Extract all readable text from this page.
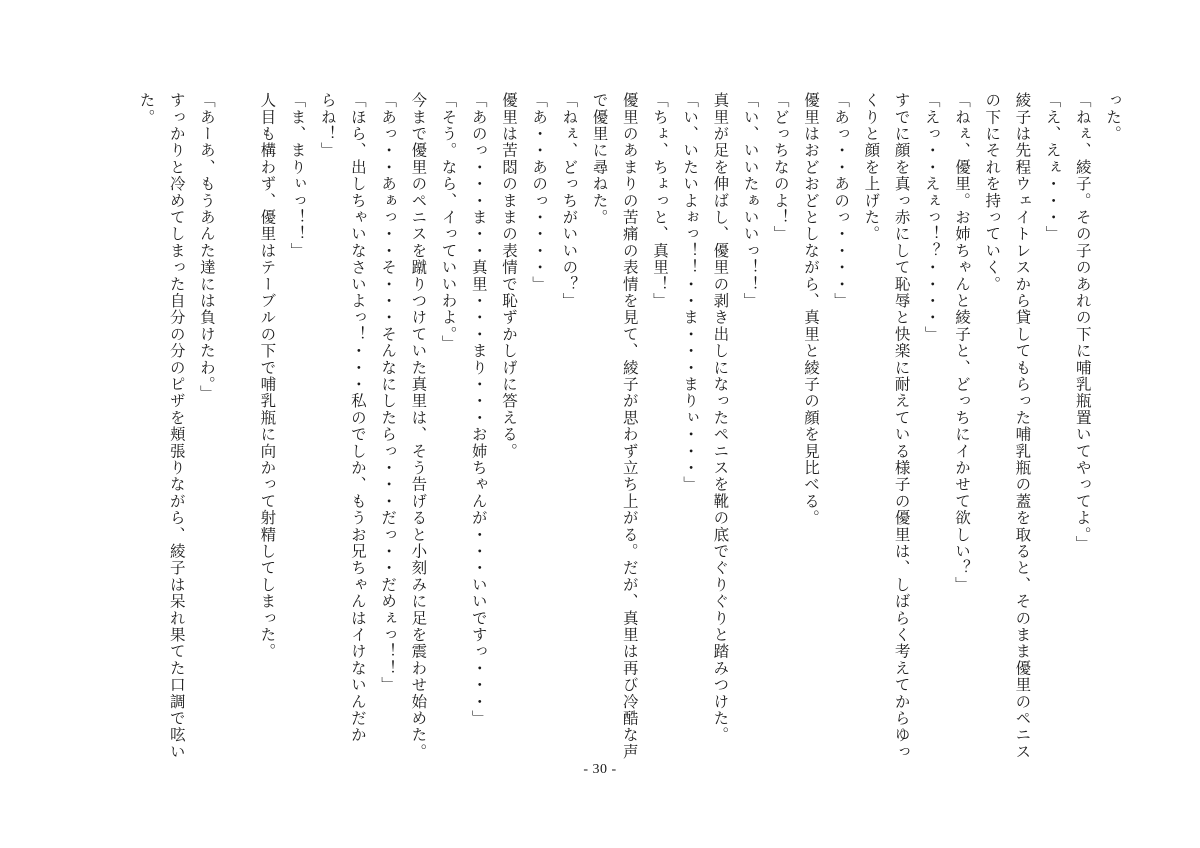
った。
「ねぇ、綾子。その子のあれの下に哺乳瓶置いてやってよ。」
「え、えぇ・・・」
綾子は先程ウェイトレスから貸してもらった哺乳瓶の蓋を取ると、そのまま優里のペニス
の下にそれを持っていく。
「ねぇ、優里。お姉ちゃんと綾子と、どっちにイかせて欲しい？」
「えっ・・えぇっ！？・・・・」
すでに顔を真っ赤にして恥辱と快楽に耐えている様子の優里は、しばらく考えてからゆっ
くりと顔を上げた。
「あっ・・あのっ・・・・」
優里はおどおどとしながら、真里と綾子の顔を見比べる。
「どっちなのよ！」
「い、いいたぁいいっ！！」
真里が足を伸ばし、優里の剥き出しになったペニスを靴の底でぐりぐりと踏みつけた。
「い、いたいよぉっ！！・・ま・・・まりぃ・・・」
「ちょ、ちょっと、真里！」
優里のあまりの苦痛の表情を見て、綾子が思わず立ち上がる。だが、真里は再び冷酷な声
で優里に尋ねた。
「ねぇ、どっちがいいの？」
「あ・・あのっ・・・・」
優里は苦悶のままの表情で恥ずかしげに答える。
「あのっ・・・ま・・真里・・・まり・・・お姉ちゃんが・・・いいですっ・・・」
「そう。なら、イっていいわよ。」
今まで優里のペニスを蹴りつけていた真里は、そう告げると小刻みに足を震わせ始めた。
「あっ・・あぁっ・・そ・・・そんなにしたらっ・・・だっ・・だめぇっ！！」
「ほら、出しちゃいなさいよっ！・・・私のでしか、もうお兄ちゃんはイけないんだか
らね！」
「ま、まりぃっ！！」
人目も構わず、優里はテーブルの下で哺乳瓶に向かって射精してしまった。

「あーあ、もうあんた達には負けたわ。」
すっかりと冷めてしまった自分の分のピザを頬張りながら、綾子は呆れ果てた口調で呟い
た。
- 30 -
